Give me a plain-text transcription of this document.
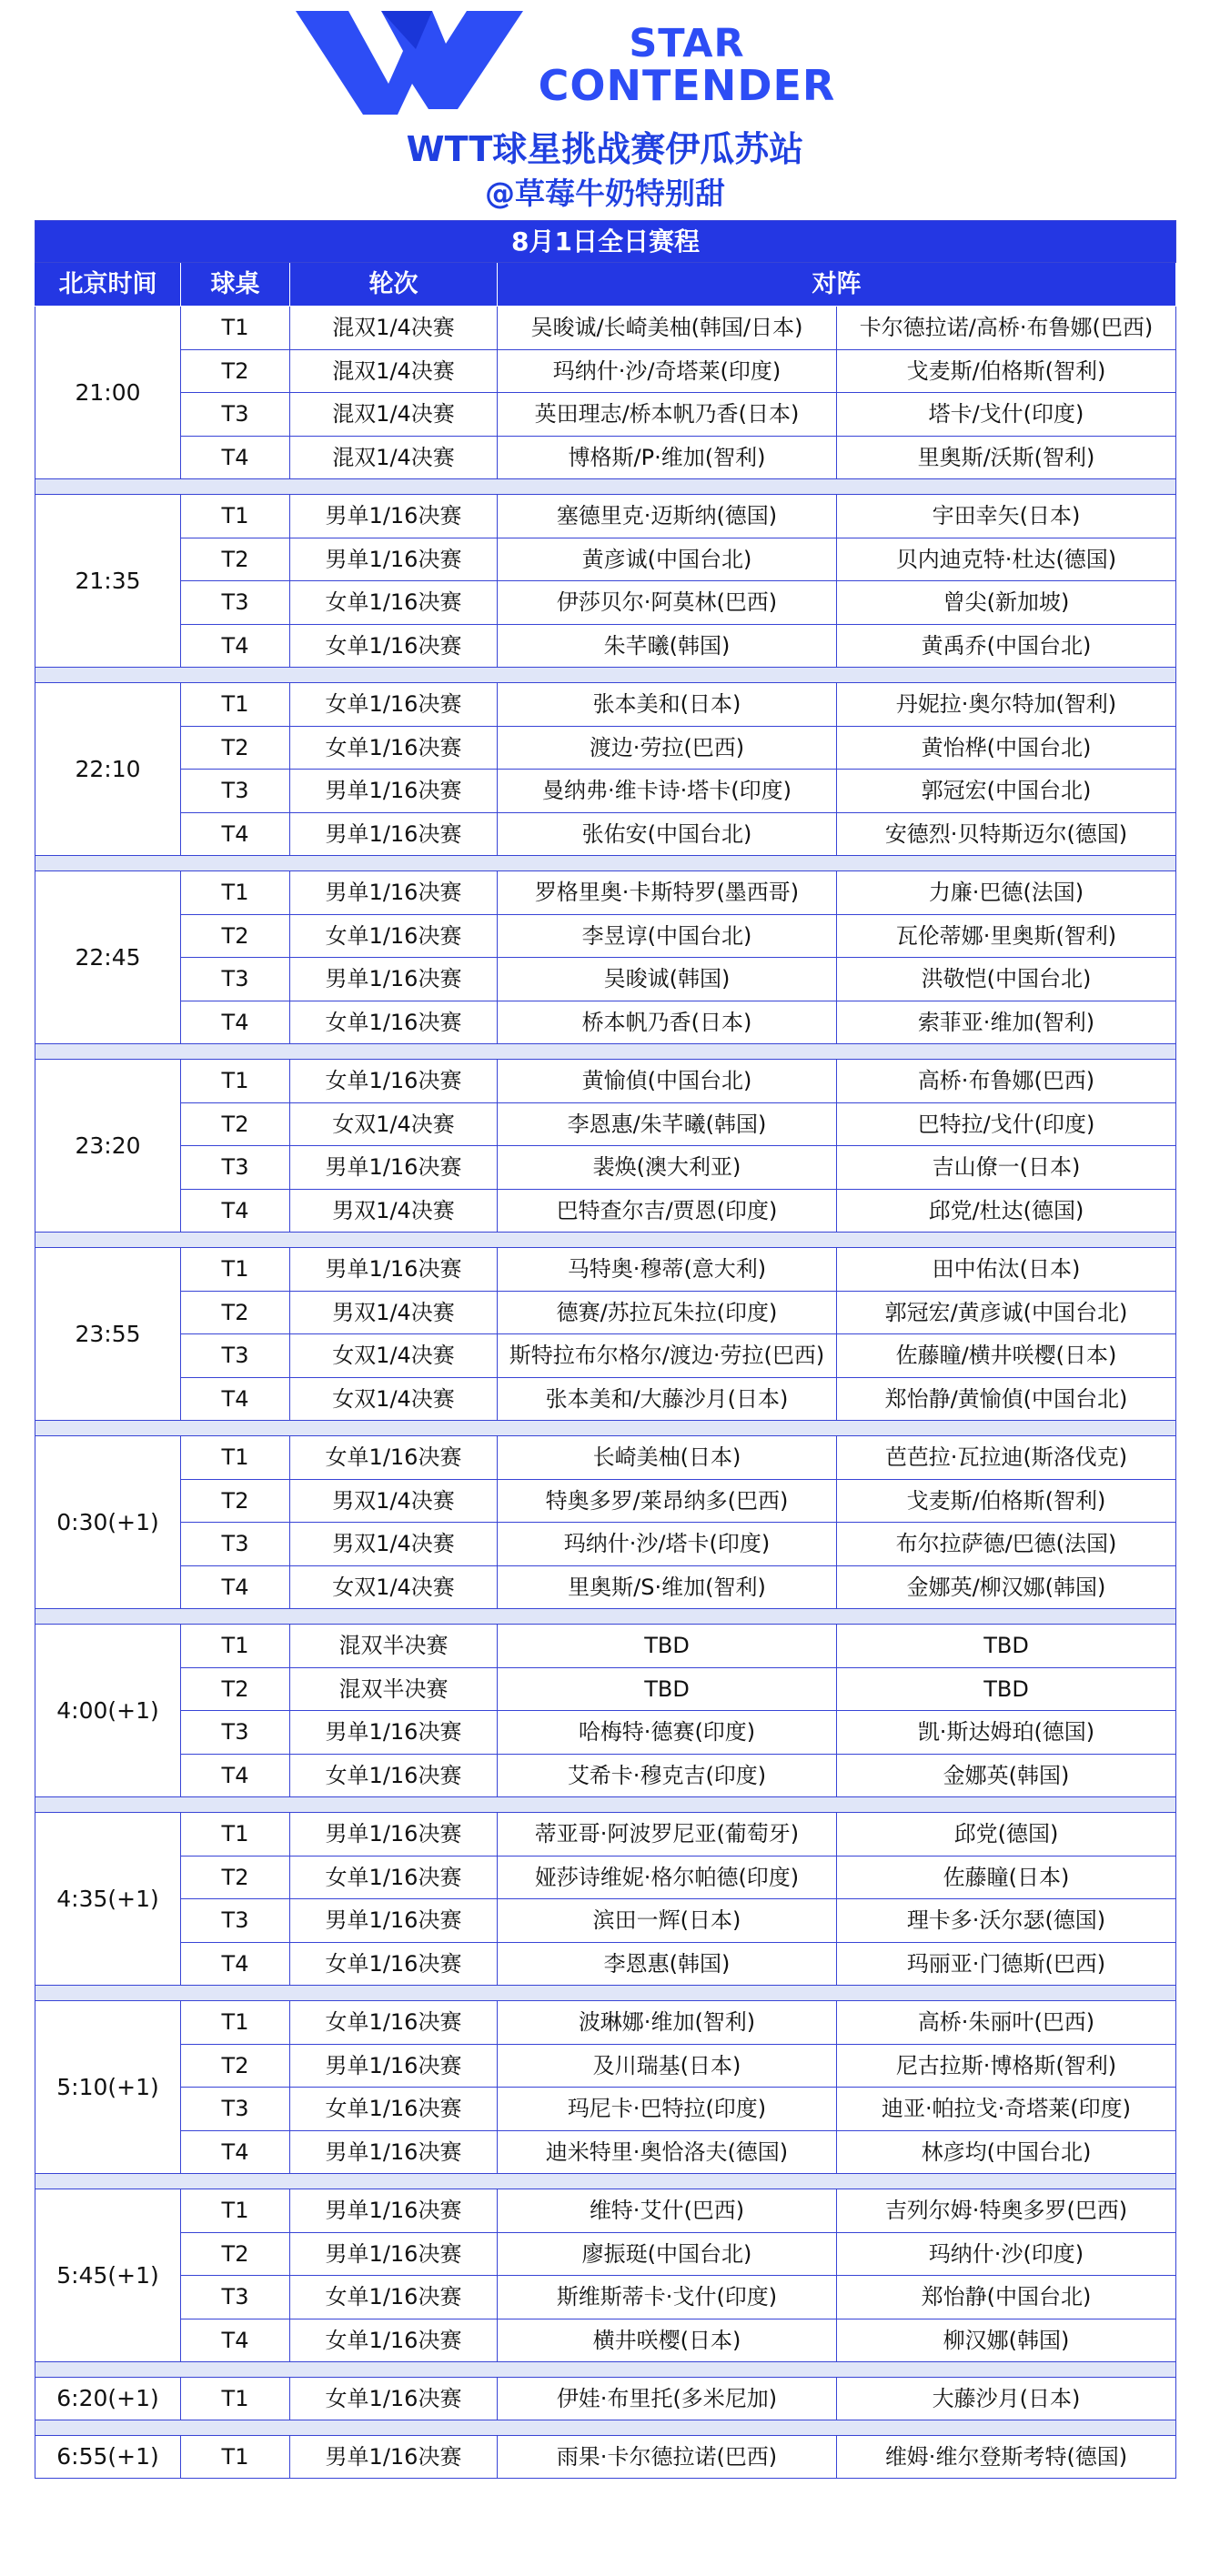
STAR
CONTENDER
WTT球星挑战赛伊瓜苏站
@草莓牛奶特别甜
8月1日全日赛程				
北京时间	球桌	轮次	对阵	
21:00	T1	混双1/4决赛	吴晙诚/长崎美柚(韩国/日本)	卡尔德拉诺/高桥·布鲁娜(巴西)
	T2	混双1/4决赛	玛纳什·沙/奇塔莱(印度)	戈麦斯/伯格斯(智利)
	T3	混双1/4决赛	英田理志/桥本帆乃香(日本)	塔卡/戈什(印度)
	T4	混双1/4决赛	博格斯/P·维加(智利)	里奥斯/沃斯(智利)

21:35	T1	男单1/16决赛	塞德里克·迈斯纳(德国)	宇田幸矢(日本)
	T2	男单1/16决赛	黄彦诚(中国台北)	贝内迪克特·杜达(德国)
	T3	女单1/16决赛	伊莎贝尔·阿莫林(巴西)	曾尖(新加坡)
	T4	女单1/16决赛	朱芊曦(韩国)	黄禹乔(中国台北)

22:10	T1	女单1/16决赛	张本美和(日本)	丹妮拉·奥尔特加(智利)
	T2	女单1/16决赛	渡边·劳拉(巴西)	黄怡桦(中国台北)
	T3	男单1/16决赛	曼纳弗·维卡诗·塔卡(印度)	郭冠宏(中国台北)
	T4	男单1/16决赛	张佑安(中国台北)	安德烈·贝特斯迈尔(德国)

22:45	T1	男单1/16决赛	罗格里奥·卡斯特罗(墨西哥)	力廉·巴德(法国)
	T2	女单1/16决赛	李昱谆(中国台北)	瓦伦蒂娜·里奥斯(智利)
	T3	男单1/16决赛	吴晙诚(韩国)	洪敬恺(中国台北)
	T4	女单1/16决赛	桥本帆乃香(日本)	索菲亚·维加(智利)

23:20	T1	女单1/16决赛	黄愉偵(中国台北)	高桥·布鲁娜(巴西)
	T2	女双1/4决赛	李恩惠/朱芊曦(韩国)	巴特拉/戈什(印度)
	T3	男单1/16决赛	裴焕(澳大利亚)	吉山僚一(日本)
	T4	男双1/4决赛	巴特查尔吉/贾恩(印度)	邱党/杜达(德国)

23:55	T1	男单1/16决赛	马特奥·穆蒂(意大利)	田中佑汰(日本)
	T2	男双1/4决赛	德赛/苏拉瓦朱拉(印度)	郭冠宏/黄彦诚(中国台北)
	T3	女双1/4决赛	斯特拉布尔格尔/渡边·劳拉(巴西)	佐藤瞳/横井咲樱(日本)
	T4	女双1/4决赛	张本美和/大藤沙月(日本)	郑怡静/黄愉偵(中国台北)

0:30(+1)	T1	女单1/16决赛	长崎美柚(日本)	芭芭拉·瓦拉迪(斯洛伐克)
	T2	男双1/4决赛	特奥多罗/莱昂纳多(巴西)	戈麦斯/伯格斯(智利)
	T3	男双1/4决赛	玛纳什·沙/塔卡(印度)	布尔拉萨德/巴德(法国)
	T4	女双1/4决赛	里奥斯/S·维加(智利)	金娜英/柳汉娜(韩国)

4:00(+1)	T1	混双半决赛	TBD	TBD
	T2	混双半决赛	TBD	TBD
	T3	男单1/16决赛	哈梅特·德赛(印度)	凯·斯达姆珀(德国)
	T4	女单1/16决赛	艾希卡·穆克吉(印度)	金娜英(韩国)

4:35(+1)	T1	男单1/16决赛	蒂亚哥·阿波罗尼亚(葡萄牙)	邱党(德国)
	T2	女单1/16决赛	娅莎诗维妮·格尔帕德(印度)	佐藤瞳(日本)
	T3	男单1/16决赛	滨田一辉(日本)	理卡多·沃尔瑟(德国)
	T4	女单1/16决赛	李恩惠(韩国)	玛丽亚·门德斯(巴西)

5:10(+1)	T1	女单1/16决赛	波琳娜·维加(智利)	高桥·朱丽叶(巴西)
	T2	男单1/16决赛	及川瑞基(日本)	尼古拉斯·博格斯(智利)
	T3	女单1/16决赛	玛尼卡·巴特拉(印度)	迪亚·帕拉戈·奇塔莱(印度)
	T4	男单1/16决赛	迪米特里·奥恰洛夫(德国)	林彦均(中国台北)

5:45(+1)	T1	男单1/16决赛	维特·艾什(巴西)	吉列尔姆·特奥多罗(巴西)
	T2	男单1/16决赛	廖振珽(中国台北)	玛纳什·沙(印度)
	T3	女单1/16决赛	斯维斯蒂卡·戈什(印度)	郑怡静(中国台北)
	T4	女单1/16决赛	横井咲樱(日本)	柳汉娜(韩国)

6:20(+1)	T1	女单1/16决赛	伊娃·布里托(多米尼加)	大藤沙月(日本)

6:55(+1)	T1	男单1/16决赛	雨果·卡尔德拉诺(巴西)	维姆·维尔登斯考特(德国)
